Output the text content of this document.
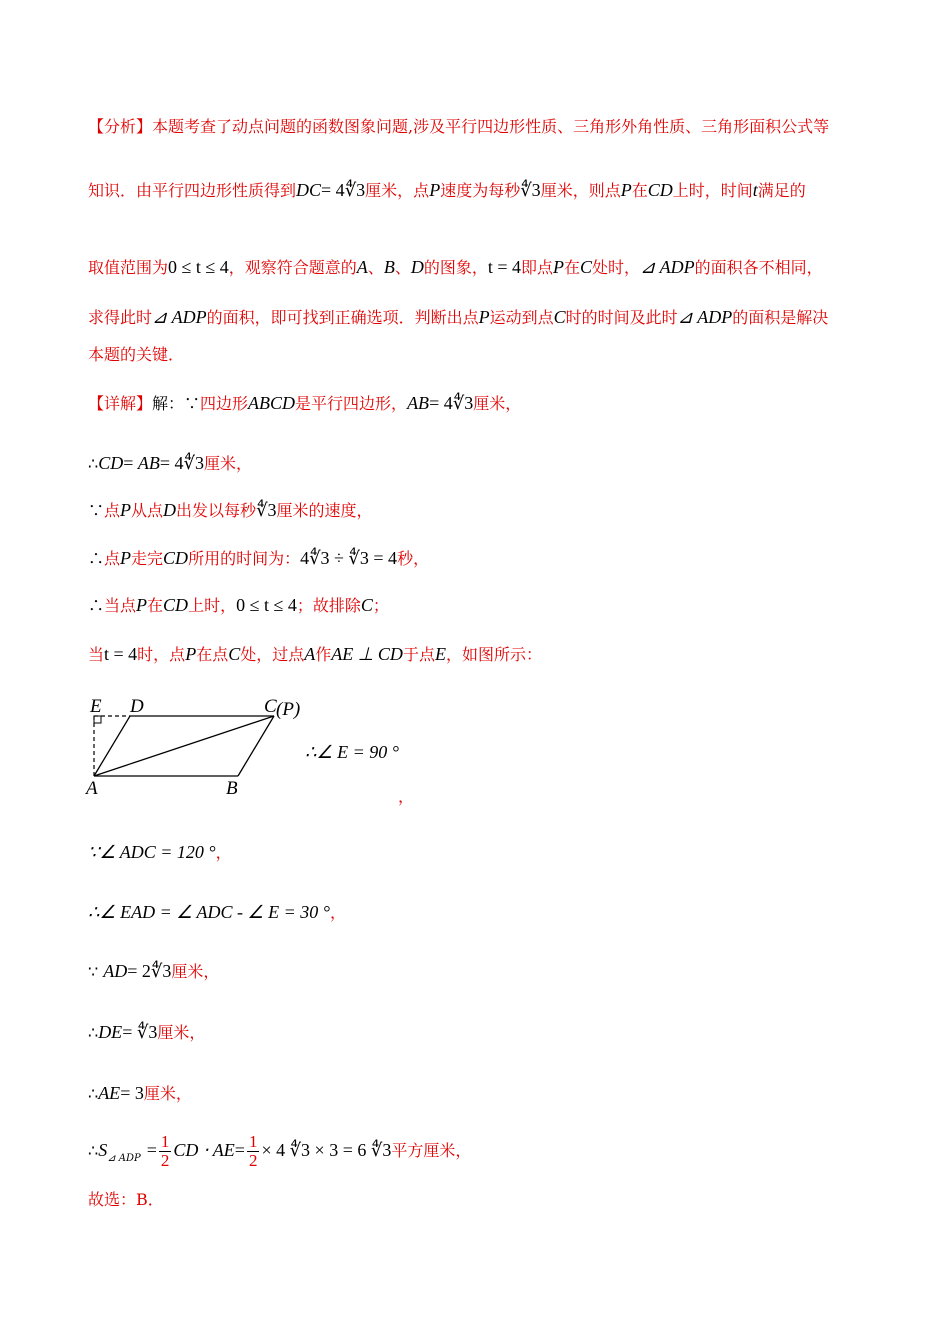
【分析】本题考查了动点问题的函数图象问题,涉及平行四边形性质、三角形外角性质、三角形面积公式等
知识．由平行四边形性质得到DC= 4∜3厘米，点P速度为每秒∜3厘米，则点P在CD上时，时间t满足的
取值范围为0 ≤ t ≤ 4，观察符合题意的A、B、D的图象，t = 4即点P在C处时，⊿ ADP的面积各不相同，
求得此时⊿ ADP的面积，即可找到正确选项．判断出点P运动到点C时的时间及此时⊿ ADP的面积是解决
本题的关键．
【详解】解：∵四边形ABCD是平行四边形，AB= 4∜3厘米，
∴CD= AB= 4∜3厘米，
∵点P从点D出发以每秒∜3厘米的速度，
∴点P走完CD所用的时间为：4∜3 ÷ ∜3 = 4秒，
∴当点P在CD上时，0 ≤ t ≤ 4；故排除C；
当t = 4时，点P在点C处，过点A作AE ⊥ CD于点E，如图所示：
E D	C (P)
A	B
∴∠ E = 90 °
，
∵∠ ADC = 120 °，
∴∠ EAD = ∠ ADC - ∠ E = 30 °，
∵ AD= 2∜3厘米，
∴DE= ∜3厘米，
∴AE= 3厘米，
$\therefore S_{⊿ ADP} = \frac{1}{2}$ CD ⋅ $AE= \frac{1}{2} \times 4$ ∜3 × 3 = 6 ∜3平方厘米，
故选：B．
